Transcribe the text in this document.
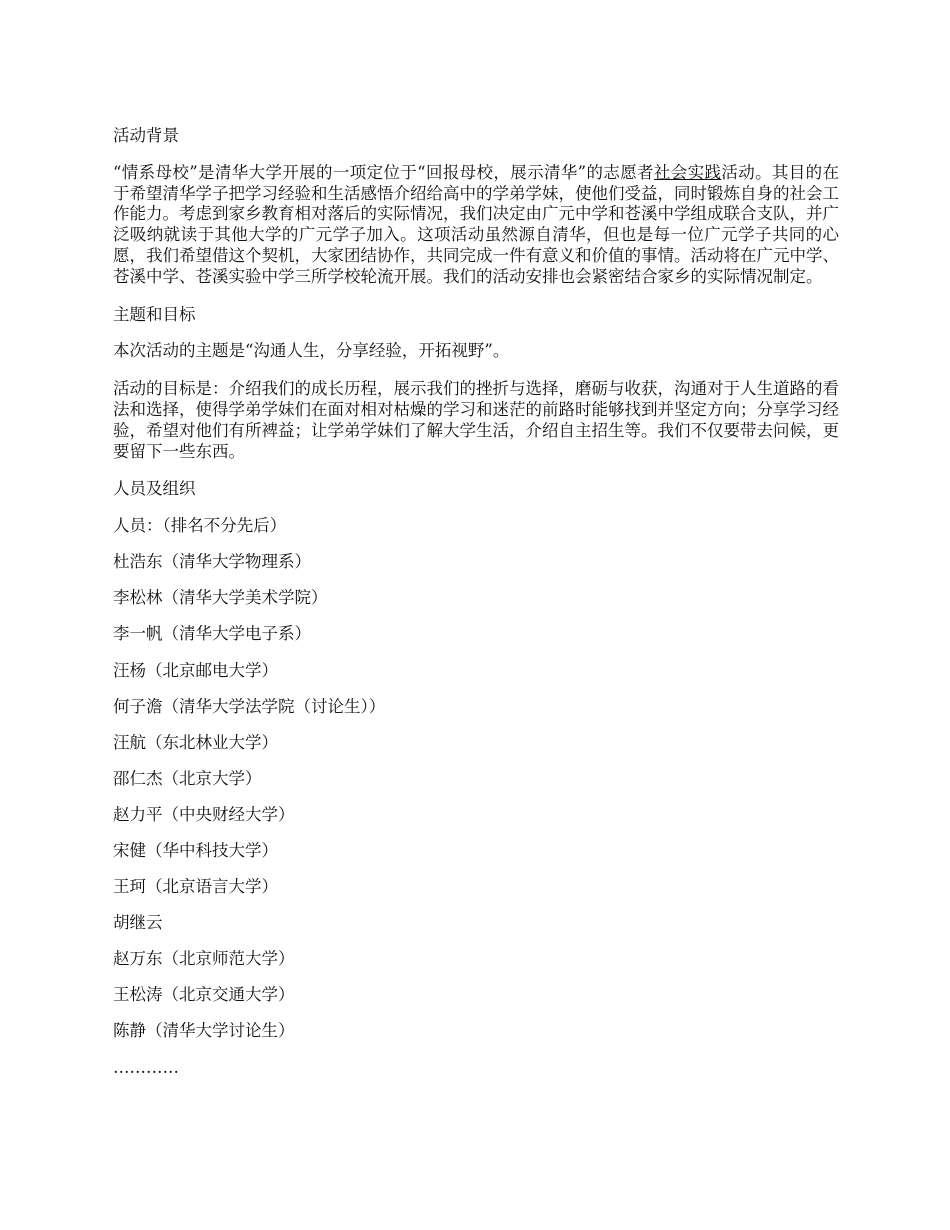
活动背景

“情系母校”是清华大学开展的一项定位于“回报母校，展示清华”的志愿者社会实践活动。其目的在于希望清华学子把学习经验和生活感悟介绍给高中的学弟学妹，使他们受益，同时锻炼自身的社会工作能力。考虑到家乡教育相对落后的实际情况，我们决定由广元中学和苍溪中学组成联合支队，并广泛吸纳就读于其他大学的广元学子加入。这项活动虽然源自清华，但也是每一位广元学子共同的心愿，我们希望借这个契机，大家团结协作，共同完成一件有意义和价值的事情。活动将在广元中学、苍溪中学、苍溪实验中学三所学校轮流开展。我们的活动安排也会紧密结合家乡的实际情况制定。

主题和目标

本次活动的主题是“沟通人生，分享经验，开拓视野”。

活动的目标是：介绍我们的成长历程，展示我们的挫折与选择，磨砺与收获，沟通对于人生道路的看法和选择，使得学弟学妹们在面对相对枯燥的学习和迷茫的前路时能够找到并坚定方向；分享学习经验，希望对他们有所裨益；让学弟学妹们了解大学生活，介绍自主招生等。我们不仅要带去问候，更要留下一些东西。

人员及组织

人员：（排名不分先后）

杜浩东（清华大学物理系）

李松林（清华大学美术学院）

李一帆（清华大学电子系）

汪杨（北京邮电大学）

何子澹（清华大学法学院（讨论生））

汪航（东北林业大学）

邵仁杰（北京大学）

赵力平（中央财经大学）

宋健（华中科技大学）

王珂（北京语言大学）

胡继云

赵万东（北京师范大学）

王松涛（北京交通大学）

陈静（清华大学讨论生）

…………
